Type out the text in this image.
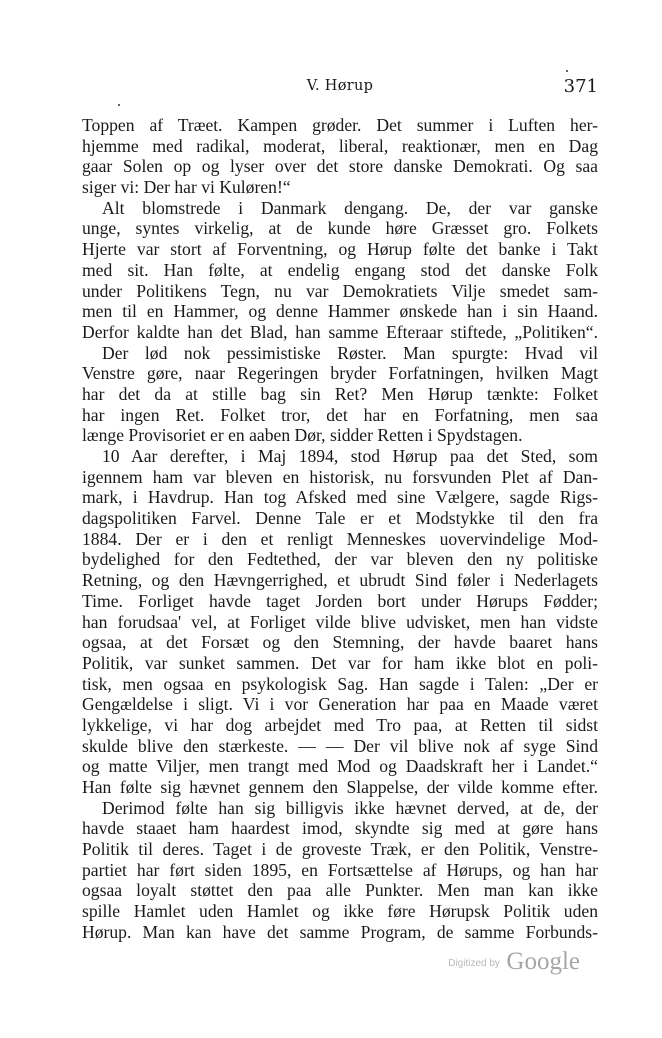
V. Hørup	371
Toppen af Træet. Kampen grøder. Det summer i Luften her-
hjemme med radikal, moderat, liberal, reaktionær, men en Dag
gaar Solen op og lyser over det store danske Demokrati. Og saa
siger vi: Der har vi Kuløren!“
Alt blomstrede i Danmark dengang. De, der var ganske
unge, syntes virkelig, at de kunde høre Græsset gro. Folkets
Hjerte var stort af Forventning, og Hørup følte det banke i Takt
med sit. Han følte, at endelig engang stod det danske Folk
under Politikens Tegn, nu var Demokratiets Vilje smedet sam-
men til en Hammer, og denne Hammer ønskede han i sin Haand.
Derfor kaldte han det Blad, han samme Efteraar stiftede, „Politiken“.
Der lød nok pessimistiske Røster. Man spurgte: Hvad vil
Venstre gøre, naar Regeringen bryder Forfatningen, hvilken Magt
har det da at stille bag sin Ret? Men Hørup tænkte: Folket
har ingen Ret. Folket tror, det har en Forfatning, men saa
længe Provisoriet er en aaben Dør, sidder Retten i Spydstagen.
10 Aar derefter, i Maj 1894, stod Hørup paa det Sted, som
igennem ham var bleven en historisk, nu forsvunden Plet af Dan-
mark, i Havdrup. Han tog Afsked med sine Vælgere, sagde Rigs-
dagspolitiken Farvel. Denne Tale er et Modstykke til den fra
1884. Der er i den et renligt Menneskes uovervindelige Mod-
bydelighed for den Fedtethed, der var bleven den ny politiske
Retning, og den Hævngerrighed, et ubrudt Sind føler i Nederlagets
Time. Forliget havde taget Jorden bort under Hørups Fødder;
han forudsaa' vel, at Forliget vilde blive udvisket, men han vidste
ogsaa, at det Forsæt og den Stemning, der havde baaret hans
Politik, var sunket sammen. Det var for ham ikke blot en poli-
tisk, men ogsaa en psykologisk Sag. Han sagde i Talen: „Der er
Gengældelse i sligt. Vi i vor Generation har paa en Maade været
lykkelige, vi har dog arbejdet med Tro paa, at Retten til sidst
skulde blive den stærkeste. — — Der vil blive nok af syge Sind
og matte Viljer, men trangt med Mod og Daadskraft her i Landet.“
Han følte sig hævnet gennem den Slappelse, der vilde komme efter.
Derimod følte han sig billigvis ikke hævnet derved, at de, der
havde staaet ham haardest imod, skyndte sig med at gøre hans
Politik til deres. Taget i de groveste Træk, er den Politik, Venstre-
partiet har ført siden 1895, en Fortsættelse af Hørups, og han har
ogsaa loyalt støttet den paa alle Punkter. Men man kan ikke
spille Hamlet uden Hamlet og ikke føre Hørupsk Politik uden
Hørup. Man kan have det samme Program, de samme Forbunds-
Digitized by Google
